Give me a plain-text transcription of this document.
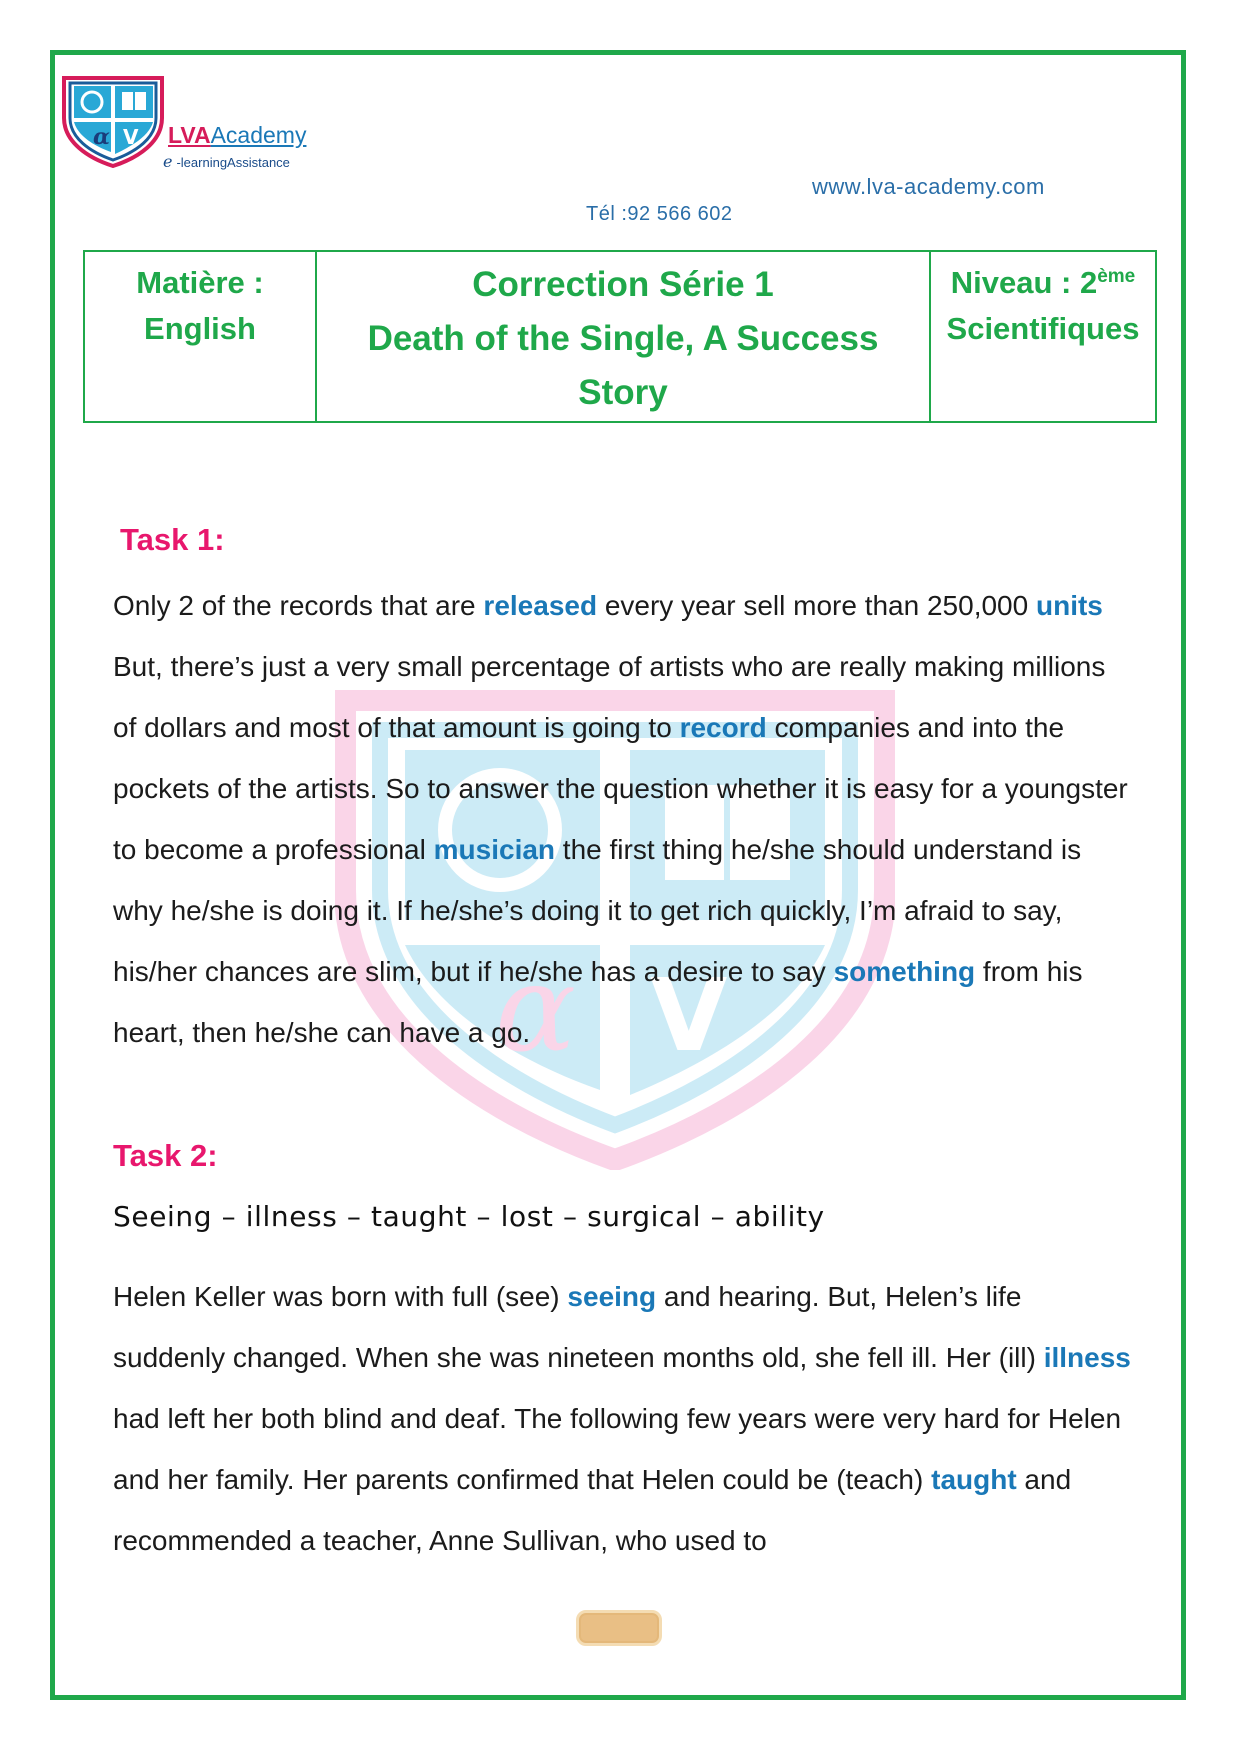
α V LVAAcademy
e -learningAssistance
www.lva-academy.com
Tél :92 566 602
Matière :
English

Correction Série 1
Death of the Single, A Success
Story

Niveau : 2ème
Scientifiques
α V
Task 1:
Only 2 of the records that are released every year sell more than 250,000 units But, there’s just a very small percentage of artists who are really making millions of dollars and most of that amount is going to record companies and into the pockets of the artists. So to answer the question whether it is easy for a youngster to become a professional musician the first thing he/she should understand is why he/she is doing it. If he/she’s doing it to get rich quickly, I’m afraid to say, his/her chances are slim, but if he/she has a desire to say something from his heart, then he/she can have a go.
Task 2:
Seeing – illness – taught – lost – surgical – ability
Helen Keller was born with full (see) seeing and hearing. But, Helen’s life suddenly changed. When she was nineteen months old, she fell ill. Her (ill) illness had left her both blind and deaf. The following few years were very hard for Helen and her family. Her parents confirmed that Helen could be (teach) taught and recommended a teacher, Anne Sullivan, who used to
